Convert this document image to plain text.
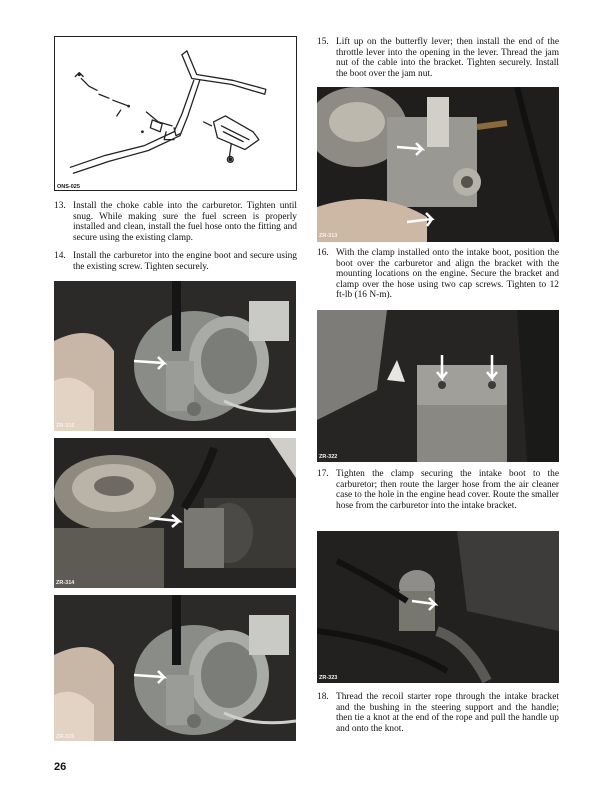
ONS-025
13. Install the choke cable into the carburetor. Tighten until snug. While making sure the fuel screen is properly installed and clean, install the fuel hose onto the fitting and secure using the existing clamp.
14. Install the carburetor into the engine boot and secure using the existing screw. Tighten securely.
ZR-315
ZR-314
ZR-315
15. Lift up on the butterfly lever; then install the end of the throttle lever into the opening in the lever. Thread the jam nut of the cable into the bracket. Tighten securely. Install the boot over the jam nut.
ZR-313
16. With the clamp installed onto the intake boot, position the boot over the carburetor and align the bracket with the mounting locations on the engine. Secure the bracket and clamp over the hose using two cap screws. Tighten to 12 ft-lb (16 N-m).
ZR-322
17. Tighten the clamp securing the intake boot to the carburetor; then route the larger hose from the air cleaner case to the hole in the engine head cover. Route the smaller hose from the carburetor into the intake bracket.
ZR-323
18. Thread the recoil starter rope through the intake bracket and the bushing in the steering support and the handle; then tie a knot at the end of the rope and pull the handle up and onto the knot.
26
